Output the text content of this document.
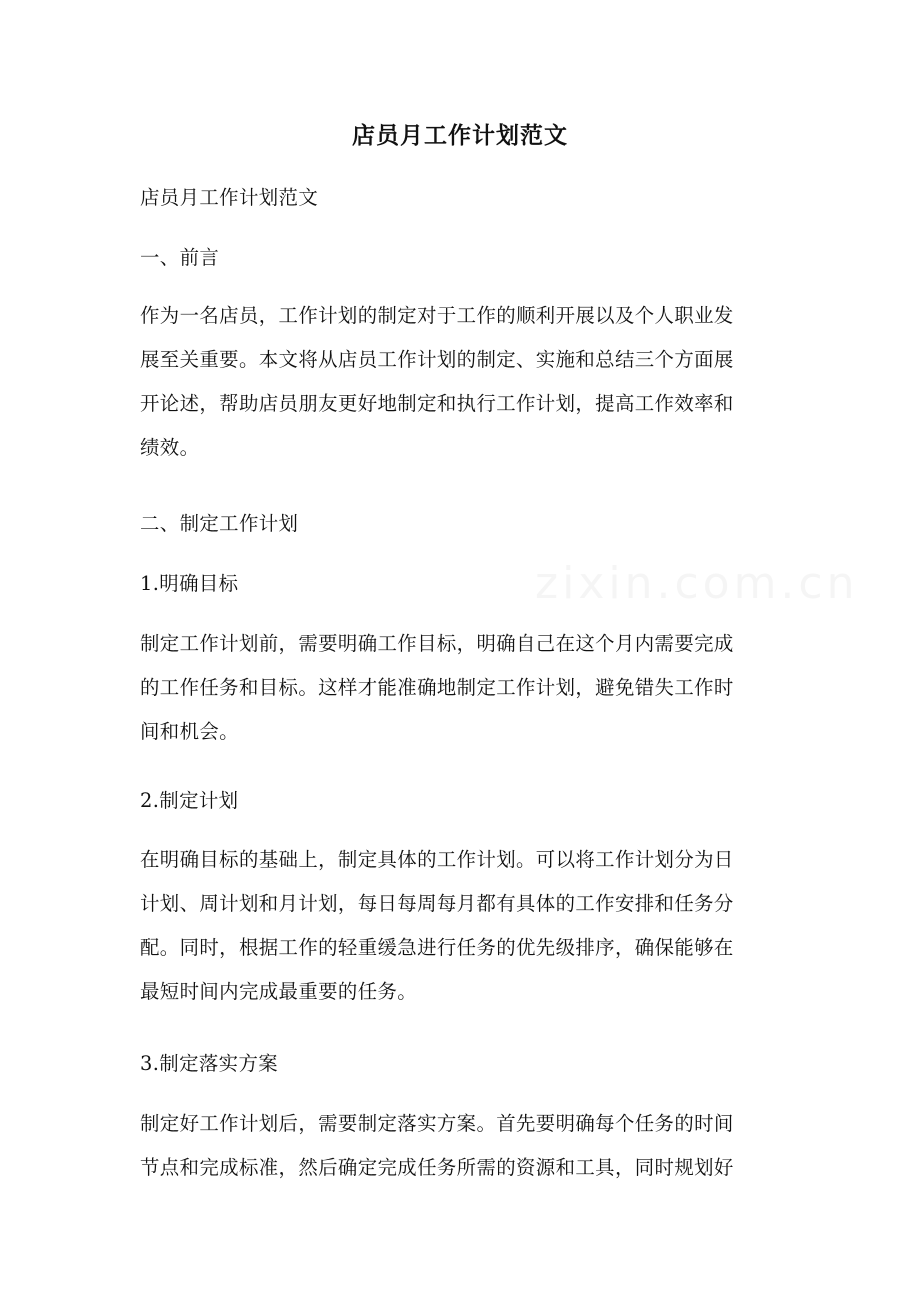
店员月工作计划范文
店员月工作计划范文
一、前言
作为一名店员，工作计划的制定对于工作的顺利开展以及个人职业发
展至关重要。本文将从店员工作计划的制定、实施和总结三个方面展
开论述，帮助店员朋友更好地制定和执行工作计划，提高工作效率和
绩效。
二、制定工作计划
1.明确目标
制定工作计划前，需要明确工作目标，明确自己在这个月内需要完成
的工作任务和目标。这样才能准确地制定工作计划，避免错失工作时
间和机会。
2.制定计划
在明确目标的基础上，制定具体的工作计划。可以将工作计划分为日
计划、周计划和月计划，每日每周每月都有具体的工作安排和任务分
配。同时，根据工作的轻重缓急进行任务的优先级排序，确保能够在
最短时间内完成最重要的任务。
3.制定落实方案
制定好工作计划后，需要制定落实方案。首先要明确每个任务的时间
节点和完成标准，然后确定完成任务所需的资源和工具，同时规划好
zixin.com.cn
